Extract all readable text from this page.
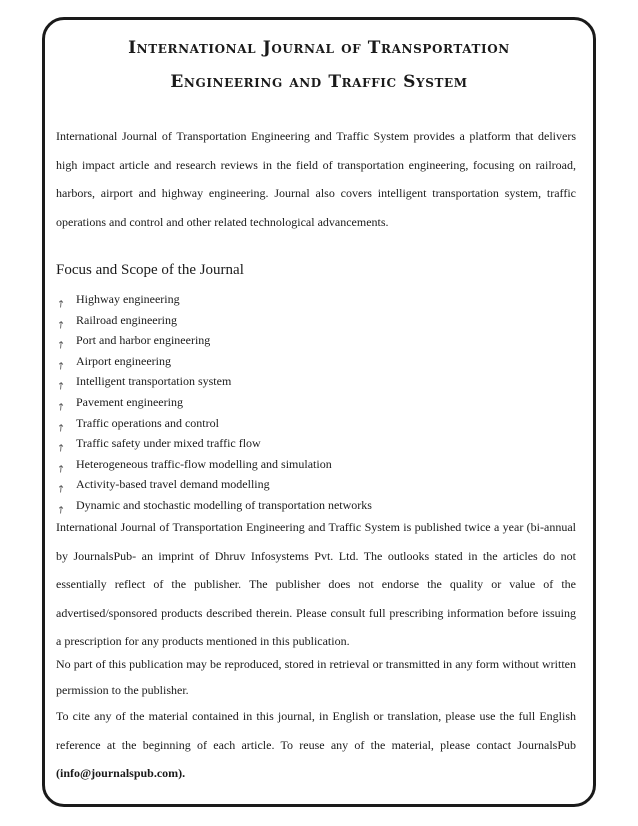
International Journal of Transportation
Engineering and Traffic System
International Journal of Transportation Engineering and Traffic System provides a platform that delivers
high impact article and research reviews in the field of transportation engineering, focusing on railroad,
harbors, airport and highway engineering. Journal also covers intelligent transportation system, traffic
operations and control and other related technological advancements.
Focus and Scope of the Journal
↗ Highway engineering
↗ Railroad engineering
↗ Port and harbor engineering
↗ Airport engineering
↗ Intelligent transportation system
↗ Pavement engineering
↗ Traffic operations and control
↗ Traffic safety under mixed traffic flow
↗ Heterogeneous traffic-flow modelling and simulation
↗ Activity-based travel demand modelling
↗ Dynamic and stochastic modelling of transportation networks
International Journal of Transportation Engineering and Traffic System is published twice a year (bi-annual
by JournalsPub- an imprint of Dhruv Infosystems Pvt. Ltd. The outlooks stated in the articles do not
essentially reflect of the publisher. The publisher does not endorse the quality or value of the
advertised/sponsored products described therein. Please consult full prescribing information before issuing
a prescription for any products mentioned in this publication.
No part of this publication may be reproduced, stored in retrieval or transmitted in any form without written
permission to the publisher.
To cite any of the material contained in this journal, in English or translation, please use the full English
reference at the beginning of each article. To reuse any of the material, please contact JournalsPub
(info@journalspub.com).
